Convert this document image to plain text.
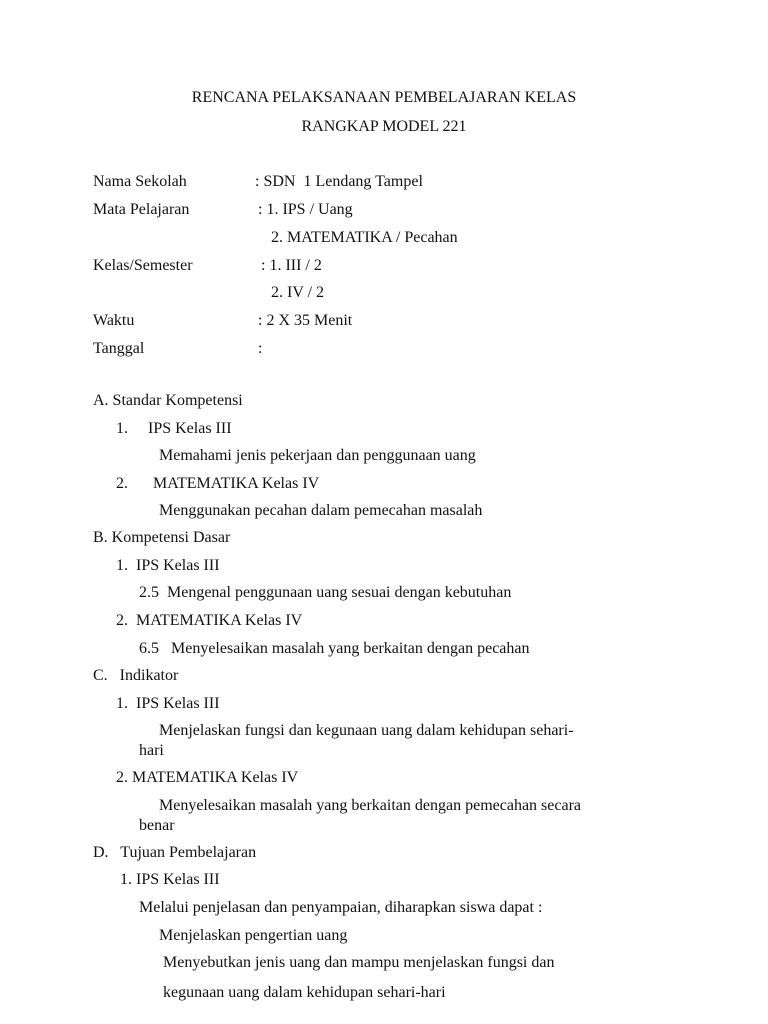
RENCANA PELAKSANAAN PEMBELAJARAN KELAS
RANGKAP MODEL 221
Nama Sekolah	: SDN  1 Lendang Tampel
Mata Pelajaran	: 1. IPS / Uang
2. MATEMATIKA / Pecahan
Kelas/Semester	: 1. III / 2
2. IV / 2
Waktu	: 2 X 35 Menit
Tanggal	:
A. Standar Kompetensi
1. IPS Kelas III
Memahami jenis pekerjaan dan penggunaan uang
2. MATEMATIKA Kelas IV
Menggunakan pecahan dalam pemecahan masalah
B. Kompetensi Dasar
1.  IPS Kelas III
2.5  Mengenal penggunaan uang sesuai dengan kebutuhan
2.  MATEMATIKA Kelas IV
6.5   Menyelesaikan masalah yang berkaitan dengan pecahan
C.   Indikator
1.  IPS Kelas III
Menjelaskan fungsi dan kegunaan uang dalam kehidupan sehari-
hari
2. MATEMATIKA Kelas IV
Menyelesaikan masalah yang berkaitan dengan pemecahan secara
benar
D.   Tujuan Pembelajaran
1. IPS Kelas III
Melalui penjelasan dan penyampaian, diharapkan siswa dapat :
Menjelaskan pengertian uang
Menyebutkan jenis uang dan mampu menjelaskan fungsi dan
kegunaan uang dalam kehidupan sehari-hari
